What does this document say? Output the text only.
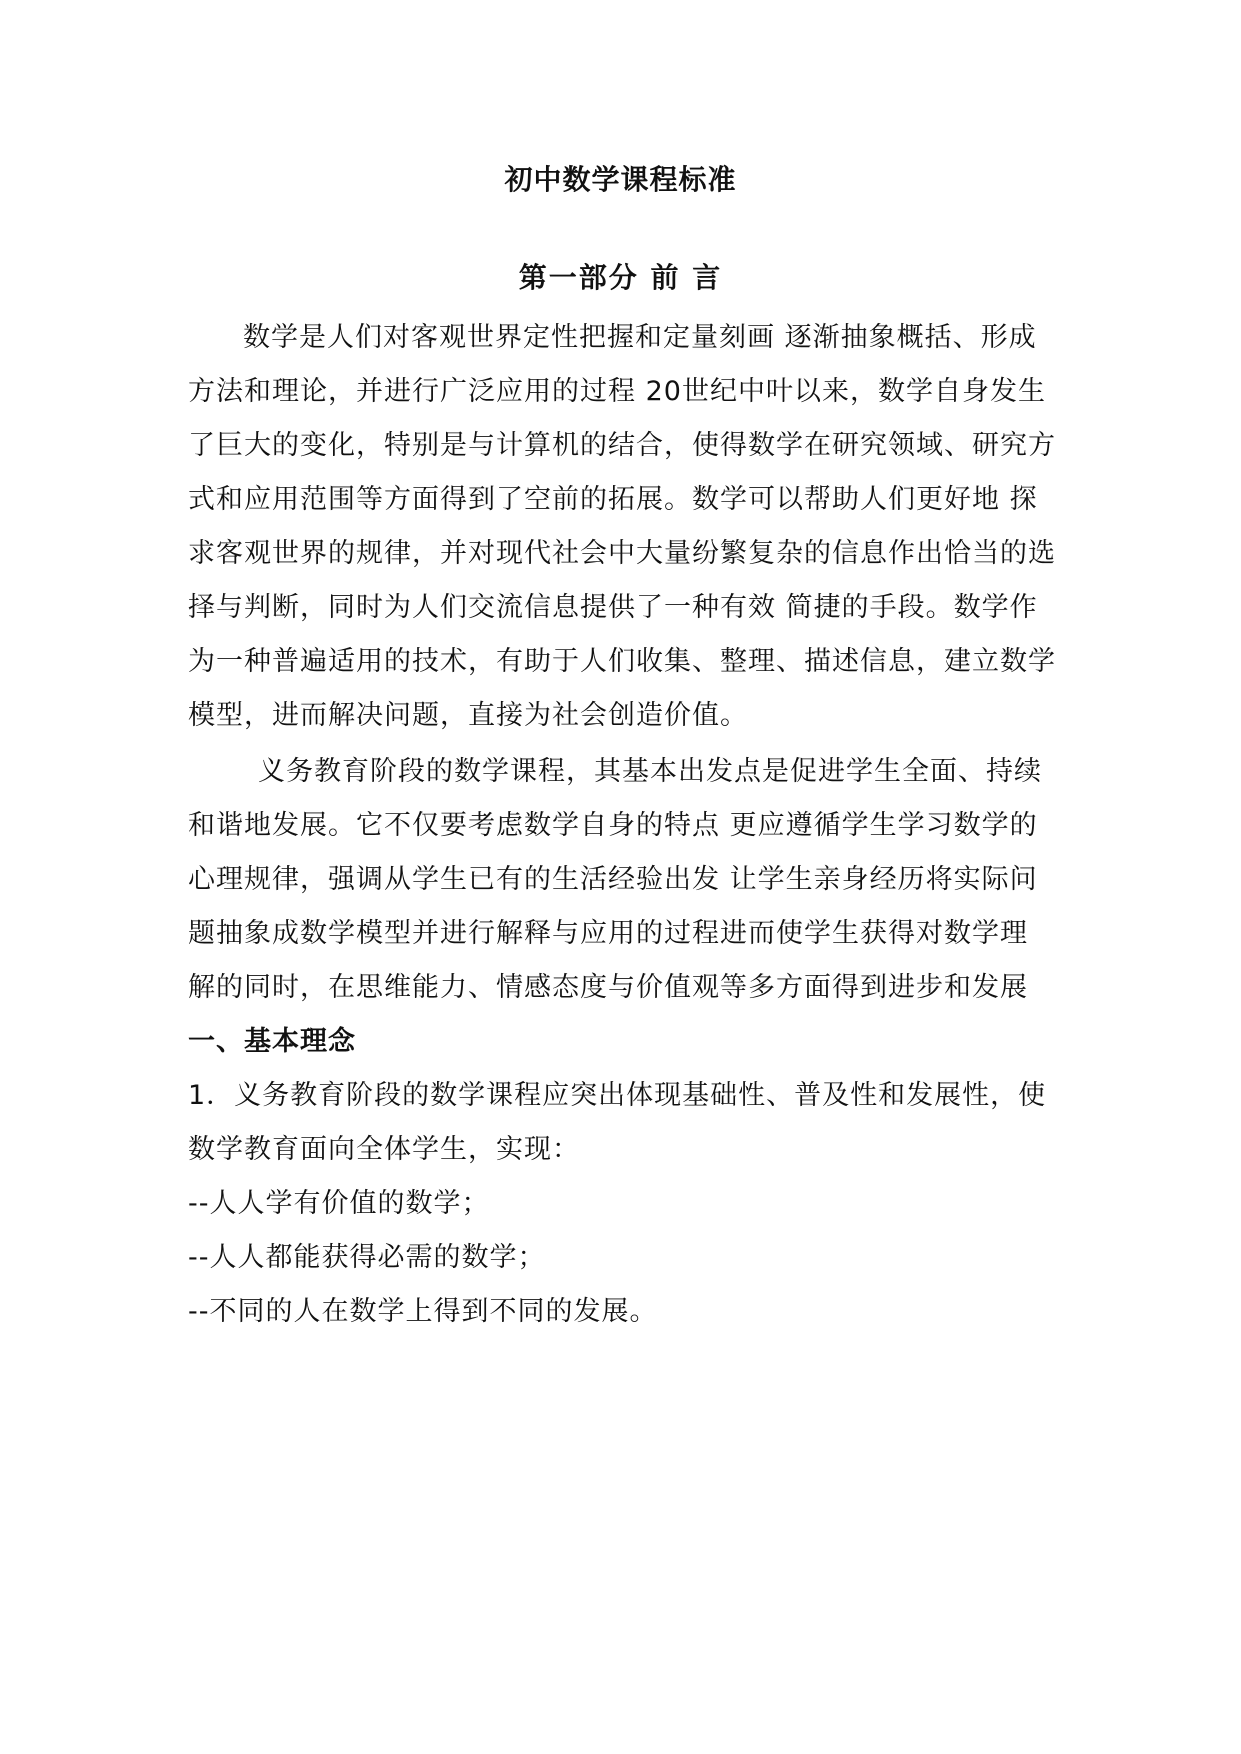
初中数学课程标准
第一部分 前 言
数学是人们对客观世界定性把握和定量刻画 逐渐抽象概括、形成
方法和理论，并进行广泛应用的过程 20世纪中叶以来，数学自身发生
了巨大的变化，特别是与计算机的结合，使得数学在研究领域、研究方
式和应用范围等方面得到了空前的拓展。数学可以帮助人们更好地 探
求客观世界的规律，并对现代社会中大量纷繁复杂的信息作出恰当的选
择与判断，同时为人们交流信息提供了一种有效 简捷的手段。数学作
为一种普遍适用的技术，有助于人们收集、整理、描述信息，建立数学
模型，进而解决问题，直接为社会创造价值。
义务教育阶段的数学课程，其基本出发点是促进学生全面、持续
和谐地发展。它不仅要考虑数学自身的特点 更应遵循学生学习数学的
心理规律，强调从学生已有的生活经验出发 让学生亲身经历将实际问
题抽象成数学模型并进行解释与应用的过程进而使学生获得对数学理
解的同时，在思维能力、情感态度与价值观等多方面得到进步和发展
一、基本理念
1．义务教育阶段的数学课程应突出体现基础性、普及性和发展性，使
数学教育面向全体学生，实现：
--人人学有价值的数学；
--人人都能获得必需的数学；
--不同的人在数学上得到不同的发展。
